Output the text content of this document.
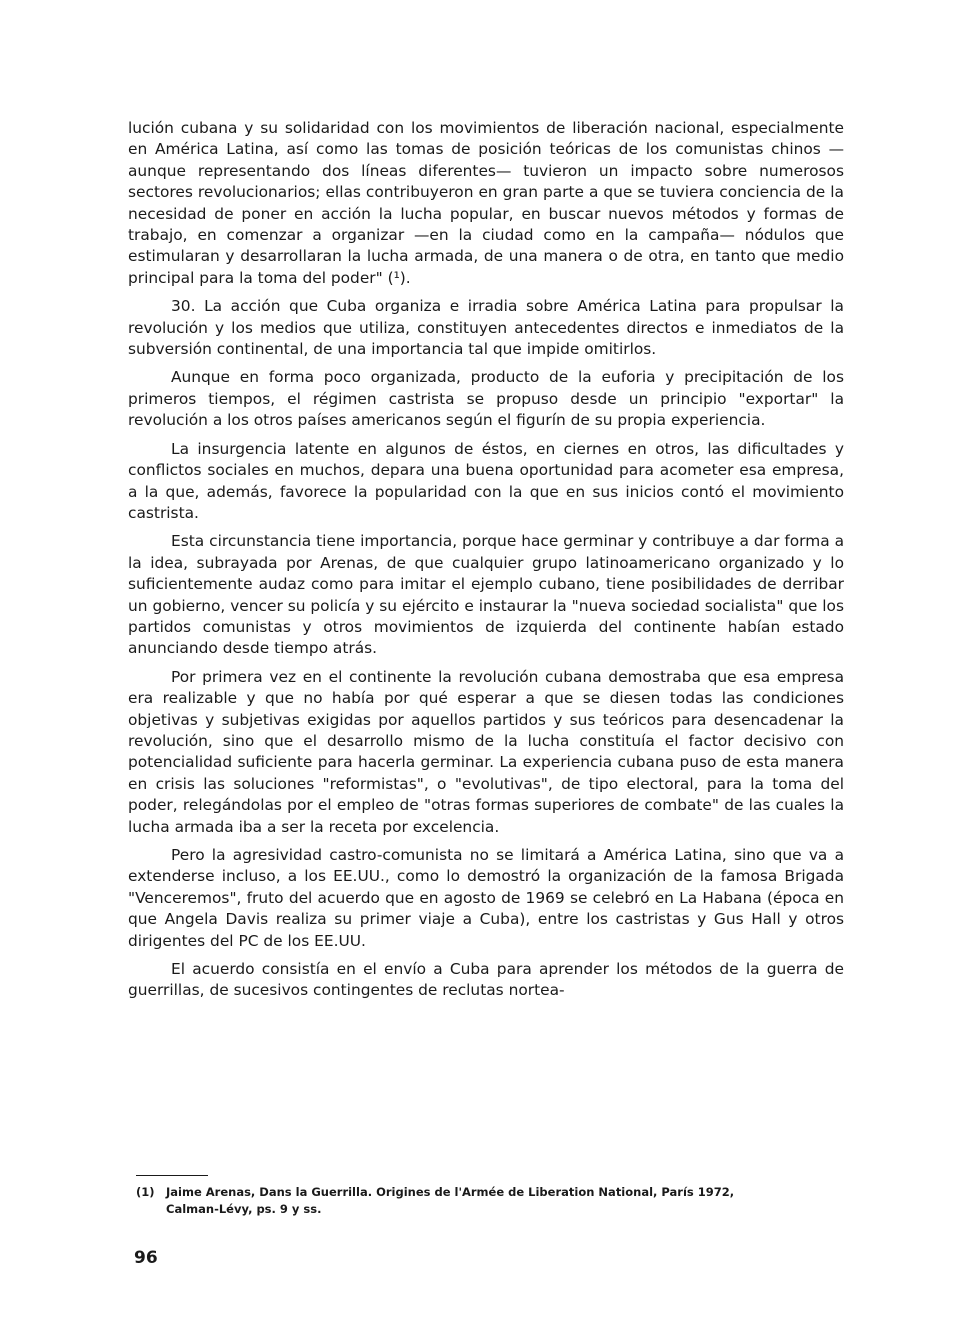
lución cubana y su solidaridad con los movimientos de liberación nacional, especialmente en América Latina, así como las tomas de posición teóricas de los comunistas chinos —aunque representando dos líneas diferentes— tuvieron un impacto sobre numerosos sectores revolucionarios; ellas contribuyeron en gran parte a que se tuviera conciencia de la necesidad de poner en acción la lucha popular, en buscar nuevos métodos y formas de trabajo, en comenzar a organizar —en la ciudad como en la campaña— nódulos que estimularan y desarrollaran la lucha armada, de una manera o de otra, en tanto que medio principal para la toma del poder" (¹).

30. La acción que Cuba organiza e irradia sobre América Latina para propulsar la revolución y los medios que utiliza, constituyen antecedentes directos e inmediatos de la subversión continental, de una importancia tal que impide omitirlos.

Aunque en forma poco organizada, producto de la euforia y precipitación de los primeros tiempos, el régimen castrista se propuso desde un principio "exportar" la revolución a los otros países americanos según el figurín de su propia experiencia.

La insurgencia latente en algunos de éstos, en ciernes en otros, las dificultades y conflictos sociales en muchos, depara una buena oportunidad para acometer esa empresa, a la que, además, favorece la popularidad con la que en sus inicios contó el movimiento castrista.

Esta circunstancia tiene importancia, porque hace germinar y contribuye a dar forma a la idea, subrayada por Arenas, de que cualquier grupo latinoamericano organizado y lo suficientemente audaz como para imitar el ejemplo cubano, tiene posibilidades de derribar un gobierno, vencer su policía y su ejército e instaurar la "nueva sociedad socialista" que los partidos comunistas y otros movimientos de izquierda del continente habían estado anunciando desde tiempo atrás.

Por primera vez en el continente la revolución cubana demostraba que esa empresa era realizable y que no había por qué esperar a que se diesen todas las condiciones objetivas y subjetivas exigidas por aquellos partidos y sus teóricos para desencadenar la revolución, sino que el desarrollo mismo de la lucha constituía el factor decisivo con potencialidad suficiente para hacerla germinar. La experiencia cubana puso de esta manera en crisis las soluciones "reformistas", o "evolutivas", de tipo electoral, para la toma del poder, relegándolas por el empleo de "otras formas superiores de combate" de las cuales la lucha armada iba a ser la receta por excelencia.

Pero la agresividad castro-comunista no se limitará a América Latina, sino que va a extenderse incluso, a los EE.UU., como lo demostró la organización de la famosa Brigada "Venceremos", fruto del acuerdo que en agosto de 1969 se celebró en La Habana (época en que Angela Davis realiza su primer viaje a Cuba), entre los castristas y Gus Hall y otros dirigentes del PC de los EE.UU.

El acuerdo consistía en el envío a Cuba para aprender los métodos de la guerra de guerrillas, de sucesivos contingentes de reclutas nortea-

(1) Jaime Arenas, Dans la Guerrilla. Origines de l'Armée de Liberation National, París 1972,
Calman-Lévy, ps. 9 y ss.
96
